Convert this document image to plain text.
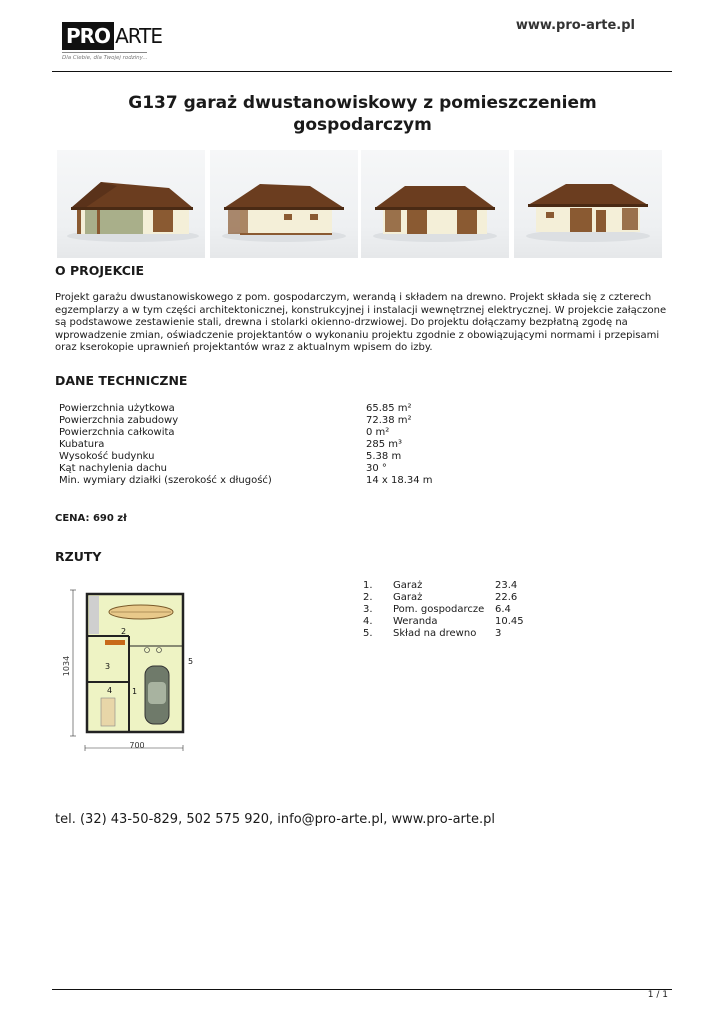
PRO ARTE
Dla Ciebie, dla Twojej rodziny...
www.pro-arte.pl
G137 garaż dwustanowiskowy z pomieszczeniem gospodarczym
O PROJEKCIE
Projekt garażu dwustanowiskowego z pom. gospodarczym, werandą i składem na drewno. Projekt składa się z czterech egzemplarzy a w tym części architektonicznej, konstrukcyjnej i instalacji wewnętrznej elektrycznej. W projekcie załączone są podstawowe zestawienie stali, drewna i stolarki okienno-drzwiowej. Do projektu dołączamy bezpłatną zgodę na wprowadzenie zmian, oświadczenie projektantów o wykonaniu projektu zgodnie z obowiązującymi normami i przepisami oraz kserokopie uprawnień projektantów wraz z aktualnym wpisem do izby.
DANE TECHNICZNE
Powierzchnia użytkowa	65.85 m²
Powierzchnia zabudowy	72.38 m²
Powierzchnia całkowita	0 m²
Kubatura	285 m³
Wysokość budynku	5.38 m
Kąt nachylenia dachu	30 °
Min. wymiary działki (szerokość x długość)	14 x 18.34 m
CENA: 690 zł
RZUTY
1034
700
2
3
4 1
5
1. Garaż	23.4
2. Garaż	22.6
3. Pom. gospodarcze 6.4
4. Weranda	10.45
5. Skład na drewno 3
tel. (32) 43-50-829, 502 575 920, info@pro-arte.pl, www.pro-arte.pl
1 / 1
